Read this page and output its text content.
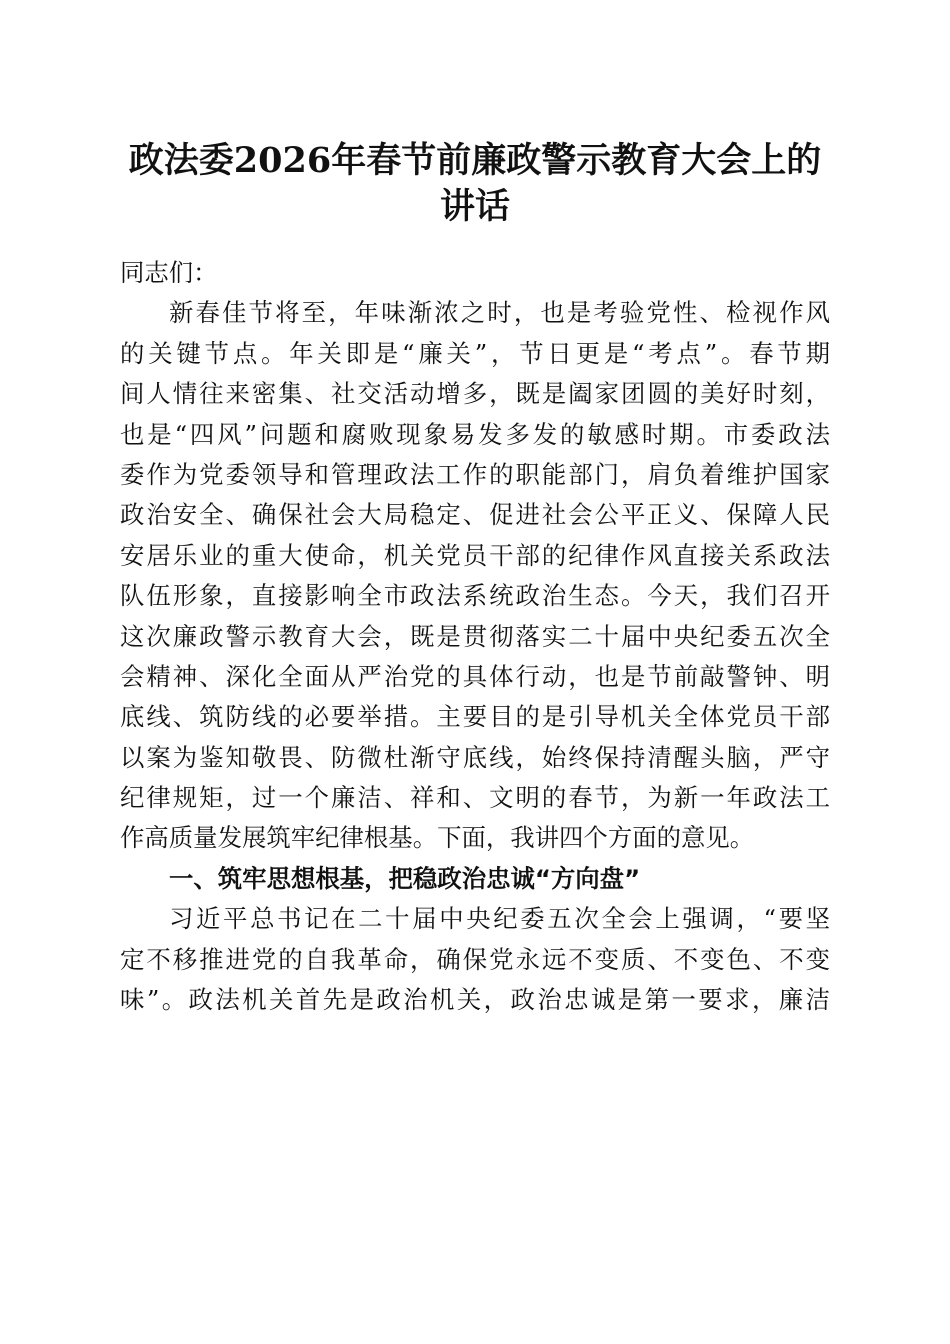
政法委2026年春节前廉政警示教育大会上的
讲话
同志们：
新春佳节将至，年味渐浓之时，也是考验党性、检视作风
的关键节点。年关即是“廉关”，节日更是“考点”。春节期
间人情往来密集、社交活动增多，既是阖家团圆的美好时刻，
也是“四风”问题和腐败现象易发多发的敏感时期。市委政法
委作为党委领导和管理政法工作的职能部门，肩负着维护国家
政治安全、确保社会大局稳定、促进社会公平正义、保障人民
安居乐业的重大使命，机关党员干部的纪律作风直接关系政法
队伍形象，直接影响全市政法系统政治生态。今天，我们召开
这次廉政警示教育大会，既是贯彻落实二十届中央纪委五次全
会精神、深化全面从严治党的具体行动，也是节前敲警钟、明
底线、筑防线的必要举措。主要目的是引导机关全体党员干部
以案为鉴知敬畏、防微杜渐守底线，始终保持清醒头脑，严守
纪律规矩，过一个廉洁、祥和、文明的春节，为新一年政法工
作高质量发展筑牢纪律根基。下面，我讲四个方面的意见。
一、筑牢思想根基，把稳政治忠诚“方向盘”
习近平总书记在二十届中央纪委五次全会上强调，“要坚
定不移推进党的自我革命，确保党永远不变质、不变色、不变
味”。政法机关首先是政治机关，政治忠诚是第一要求，廉洁
